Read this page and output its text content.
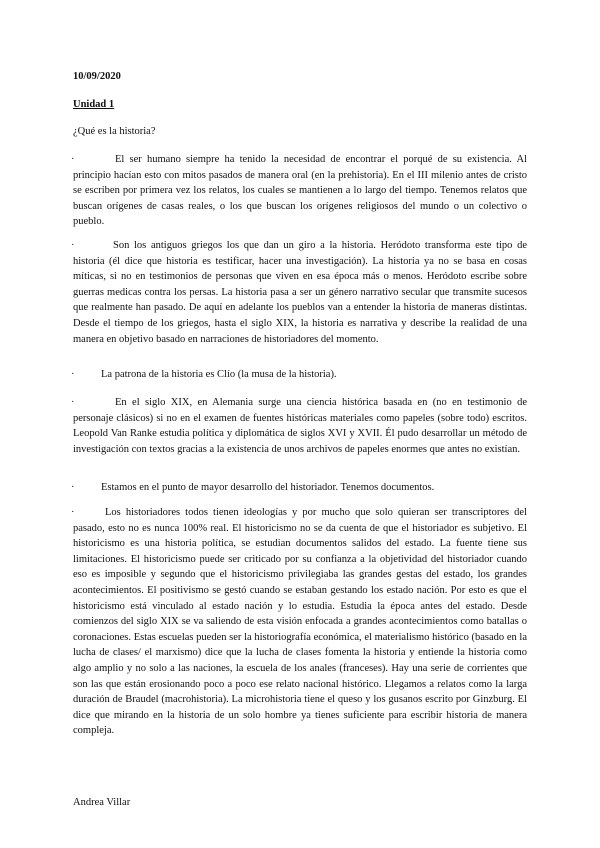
10/09/2020
Unidad 1
¿Qué es la historia?
·	El ser humano siempre ha tenido la necesidad de encontrar el porqué de su existencia. Al principio hacían esto con mitos pasados de manera oral (en la prehistoria). En el III milenio antes de cristo se escriben por primera vez los relatos, los cuales se mantienen a lo largo del tiempo. Tenemos relatos que buscan orígenes de casas reales, o los que buscan los orígenes religiosos del mundo o un colectivo o pueblo.
·	Son los antiguos griegos los que dan un giro a la historia. Heródoto transforma este tipo de historia (él dice que historia es testificar, hacer una investigación). La historia ya no se basa en cosas míticas, si no en testimonios de personas que viven en esa época más o menos. Heródoto escribe sobre guerras medicas contra los persas. La historia pasa a ser un género narrativo secular que transmite sucesos que realmente han pasado. De aquí en adelante los pueblos van a entender la historia de maneras distintas. Desde el tiempo de los griegos, hasta el siglo XIX, la historia es narrativa y describe la realidad de una manera en objetivo basado en narraciones de historiadores del momento.
·	La patrona de la historia es Clío (la musa de la historia).
·	En el siglo XIX, en Alemania surge una ciencia histórica basada en (no en testimonio de personaje clásicos) si no en el examen de fuentes históricas materiales como papeles (sobre todo) escritos. Leopold Van Ranke estudia política y diplomática de siglos XVI y XVII. Él pudo desarrollar un método de investigación con textos gracias a la existencia de unos archivos de papeles enormes que antes no existían.
·	Estamos en el punto de mayor desarrollo del historiador. Tenemos documentos.
·	Los historiadores todos tienen ideologías y por mucho que solo quieran ser transcriptores del pasado, esto no es nunca 100% real. El historicismo no se da cuenta de que el historiador es subjetivo. El historicismo es una historia política, se estudian documentos salidos del estado. La fuente tiene sus limitaciones. El historicismo puede ser criticado por su confianza a la objetividad del historiador cuando eso es imposible y segundo que el historicismo privilegiaba las grandes gestas del estado, los grandes acontecimientos. El positivismo se gestó cuando se estaban gestando los estado nación. Por esto es que el historicismo está vinculado al estado nación y lo estudia. Estudia la época antes del estado. Desde comienzos del siglo XIX se va saliendo de esta visión enfocada a grandes acontecimientos como batallas o coronaciones. Estas escuelas pueden ser la historiografía económica, el materialismo histórico (basado en la lucha de clases/ el marxismo) dice que la lucha de clases fomenta la historia y entiende la historia como algo amplio y no solo a las naciones, la escuela de los anales (franceses). Hay una serie de corrientes que son las que están erosionando poco a poco ese relato nacional histórico. Llegamos a relatos como la larga duración de Braudel (macrohistoria). La microhistoria tiene el queso y los gusanos escrito por Ginzburg. El dice que mirando en la historia de un solo hombre ya tienes suficiente para escribir historia de manera compleja.
Andrea Villar
